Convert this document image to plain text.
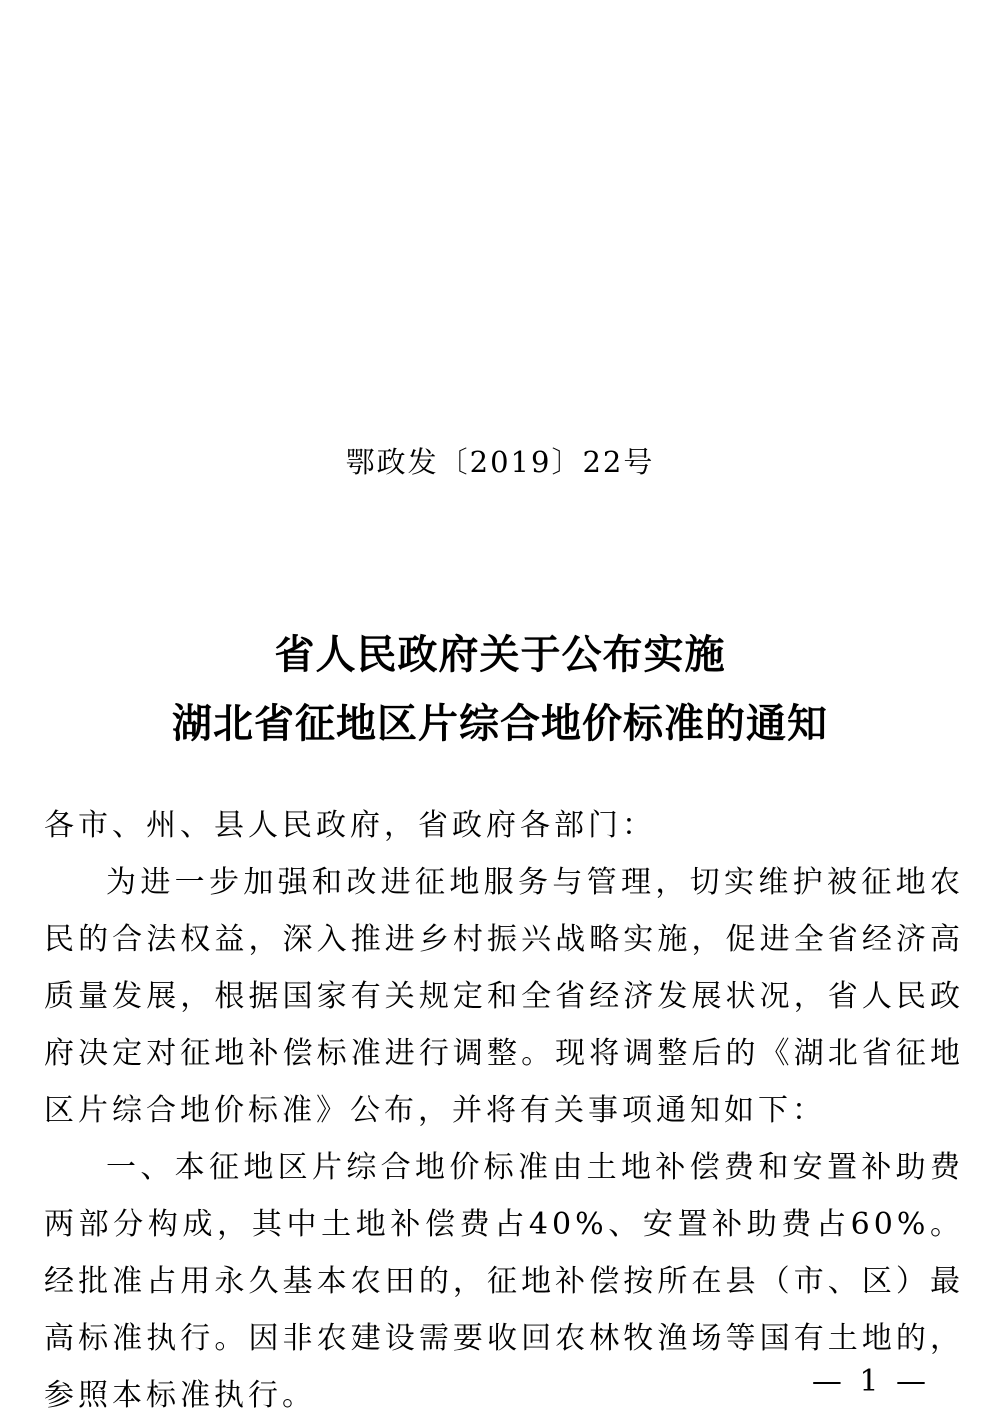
鄂政发〔2019〕22号
省人民政府关于公布实施
湖北省征地区片综合地价标准的通知
各市、州、县人民政府，省政府各部门：
为进一步加强和改进征地服务与管理，切实维护被征地农民的合法权益，深入推进乡村振兴战略实施，促进全省经济高质量发展，根据国家有关规定和全省经济发展状况，省人民政府决定对征地补偿标准进行调整。现将调整后的《湖北省征地区片综合地价标准》公布，并将有关事项通知如下：
一、本征地区片综合地价标准由土地补偿费和安置补助费两部分构成，其中土地补偿费占40%、安置补助费占60%。经批准占用永久基本农田的，征地补偿按所在县（市、区）最高标准执行。因非农建设需要收回农林牧渔场等国有土地的，参照本标准执行。	— 1 —
